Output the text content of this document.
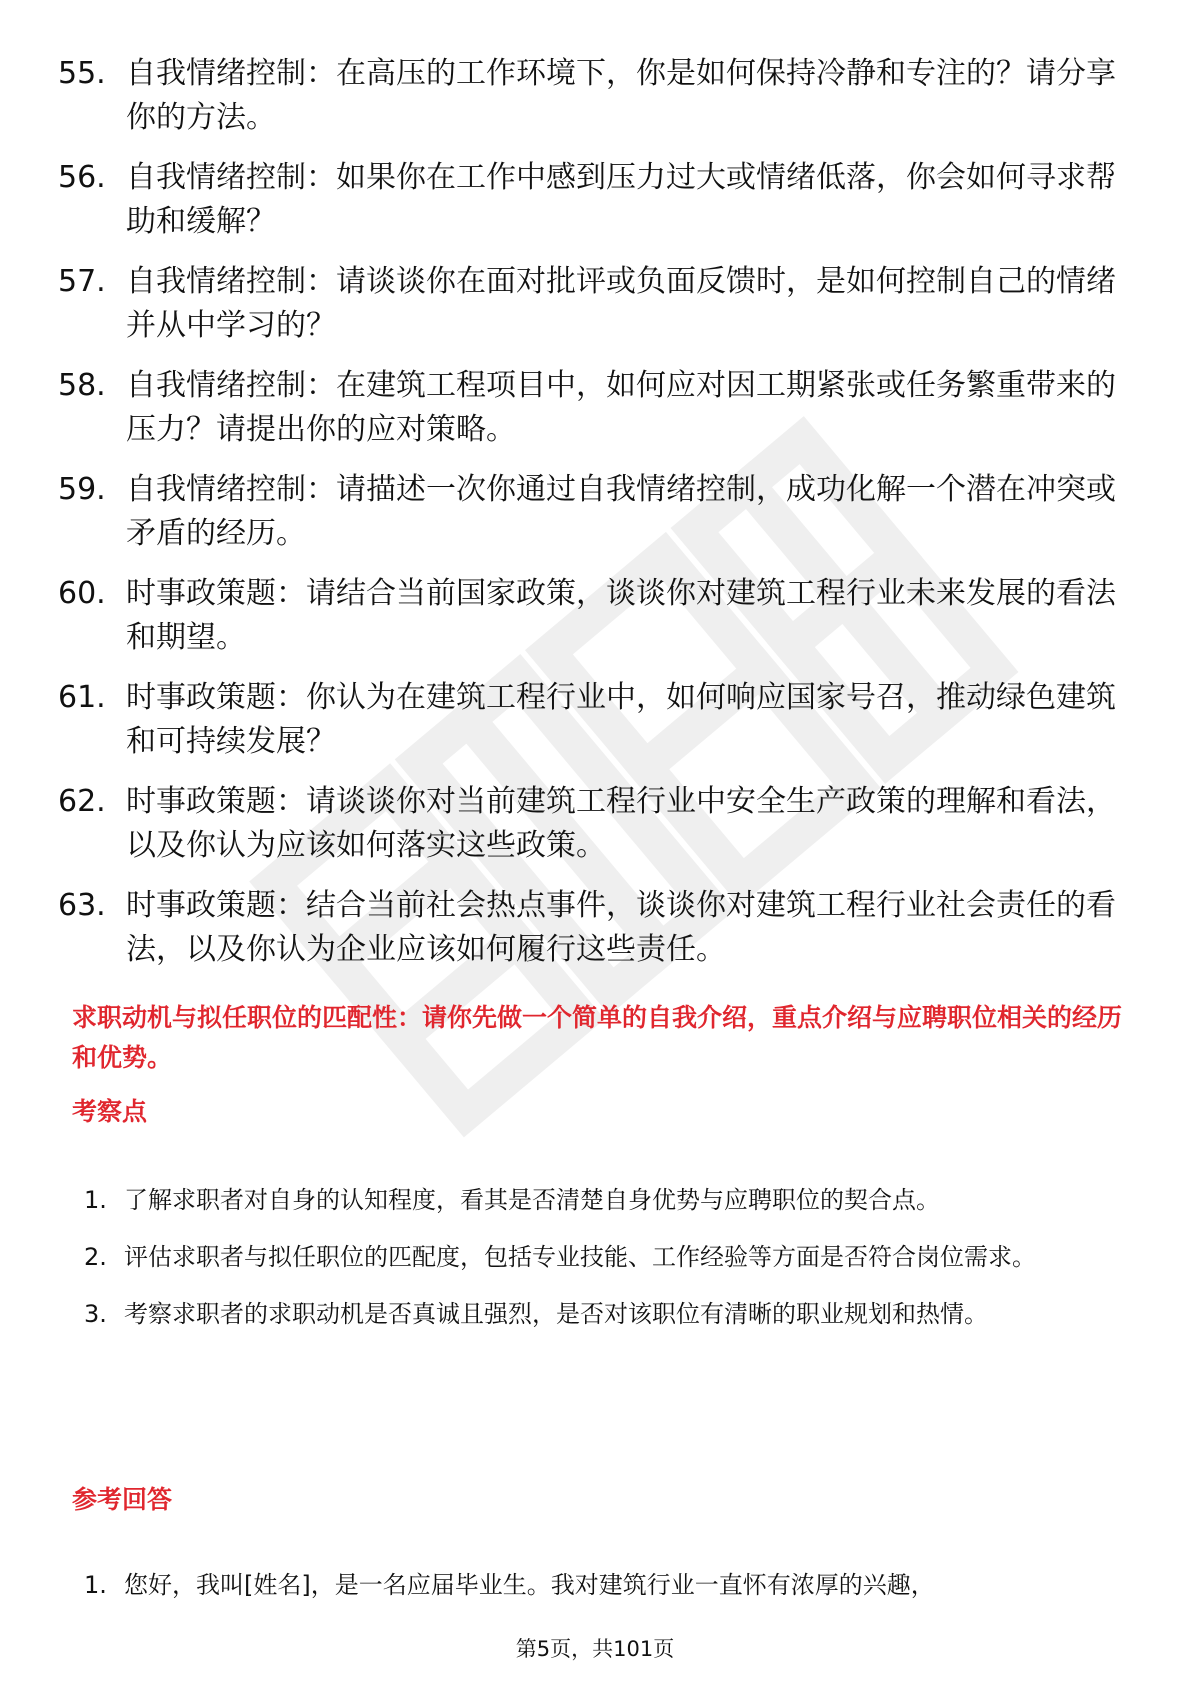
55. 自我情绪控制：在高压的工作环境下，你是如何保持冷静和专注的？请分享你的方法。
56. 自我情绪控制：如果你在工作中感到压力过大或情绪低落，你会如何寻求帮助和缓解？
57. 自我情绪控制：请谈谈你在面对批评或负面反馈时，是如何控制自己的情绪并从中学习的？
58. 自我情绪控制：在建筑工程项目中，如何应对因工期紧张或任务繁重带来的压力？请提出你的应对策略。
59. 自我情绪控制：请描述一次你通过自我情绪控制，成功化解一个潜在冲突或矛盾的经历。
60. 时事政策题：请结合当前国家政策，谈谈你对建筑工程行业未来发展的看法和期望。
61. 时事政策题：你认为在建筑工程行业中，如何响应国家号召，推动绿色建筑和可持续发展？
62. 时事政策题：请谈谈你对当前建筑工程行业中安全生产政策的理解和看法，以及你认为应该如何落实这些政策。
63. 时事政策题：结合当前社会热点事件，谈谈你对建筑工程行业社会责任的看法，以及你认为企业应该如何履行这些责任。
求职动机与拟任职位的匹配性：请你先做一个简单的自我介绍，重点介绍与应聘职位相关的经历和优势。
考察点
1. 了解求职者对自身的认知程度，看其是否清楚自身优势与应聘职位的契合点。
2. 评估求职者与拟任职位的匹配度，包括专业技能、工作经验等方面是否符合岗位需求。
3. 考察求职者的求职动机是否真诚且强烈，是否对该职位有清晰的职业规划和热情。
参考回答
1. 您好，我叫[姓名]，是一名应届毕业生。我对建筑行业一直怀有浓厚的兴趣，
第5页，共101页
